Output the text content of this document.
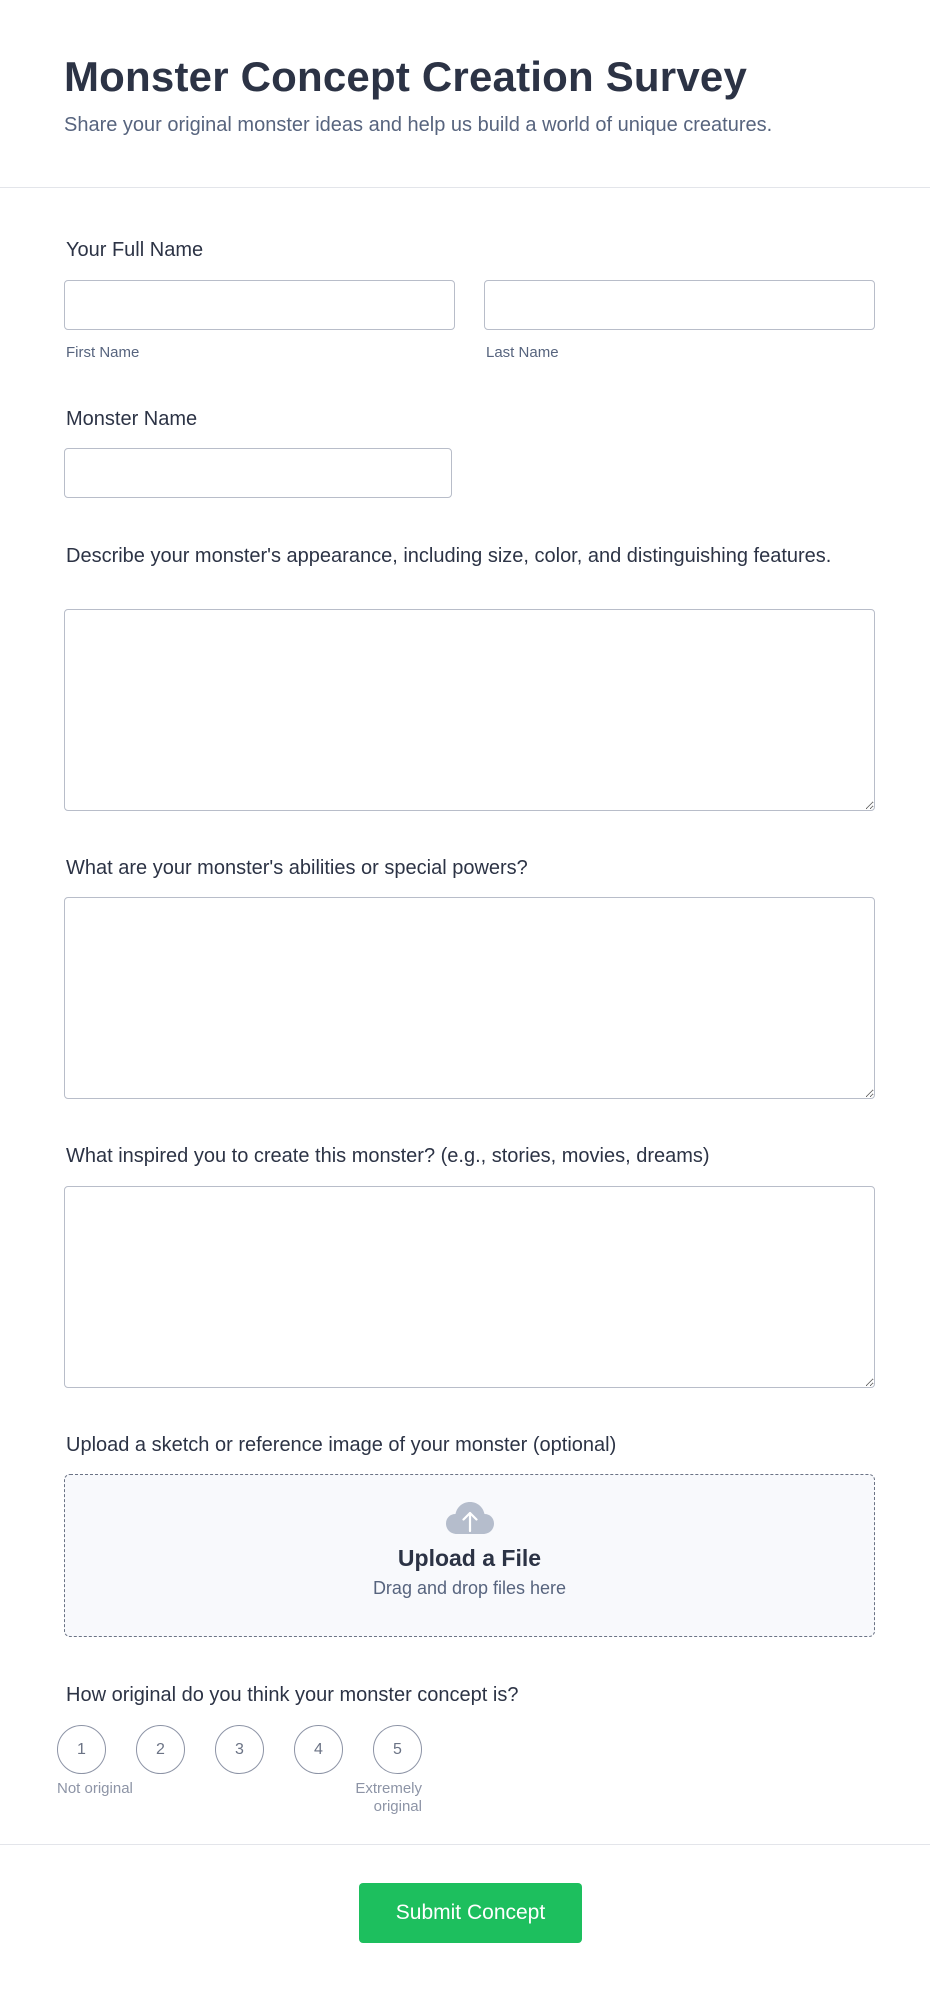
Monster Concept Creation Survey

Share your original monster ideas and help us build a world of unique creatures.

Your Full Name

First Name	Last Name

Monster Name

Describe your monster's appearance, including size, color, and distinguishing features.

What are your monster's abilities or special powers?

What inspired you to create this monster? (e.g., stories, movies, dreams)

Upload a sketch or reference image of your monster (optional)

Upload a File
Drag and drop files here

How original do you think your monster concept is?

1	2	3	4	5
Not original	Extremely
original
Submit Concept
